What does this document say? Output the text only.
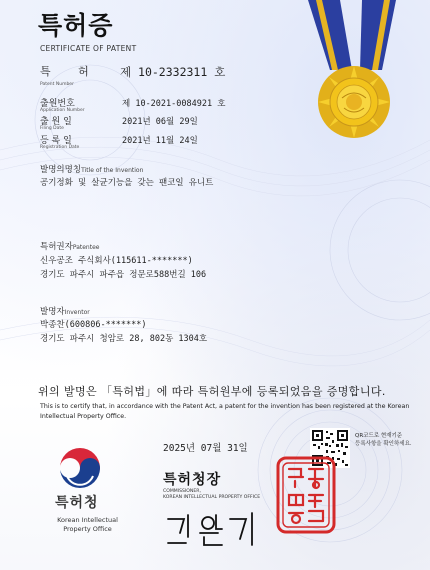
특허증
CERTIFICATE OF PATENT
특 허
Patent Number
제 10-2332311 호
출원번호
Application Number
제 10-2021-0084921 호
출 원 일
Filing Date
2021년 06월 29일
등 록 일
Registration Date
2021년 11월 24일
발명의명칭Title of the Invention
공기정화 및 살균기능을 갖는 팬코일 유니트
특허권자Patentee
신우공조 주식회사(115611-*******)
경기도 파주시 파주읍 정문로588번길 106
발명자Inventor
박종찬(600806-*******)
경기도 파주시 청암로 28, 802동 1304호
위의 발명은 「특허법」에 따라 특허원부에 등록되었음을 증명합니다.
This is to certify that, in accordance with the Patent Act, a patent for the invention has been registered at the Korean Intellectual Property Office.
2025년 07월 31일
QR코드로 현재기준
등록사항을 확인하세요.
특허청
Korean Intellectual
Property Office
특허청장
COMMISSIONER,
KOREAN INTELLECTUAL PROPERTY OFFICE
